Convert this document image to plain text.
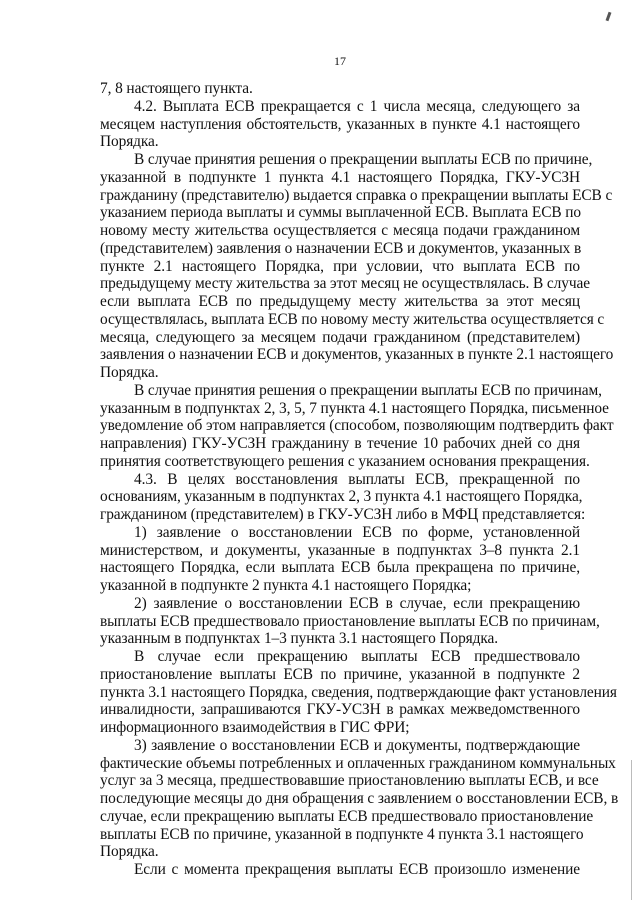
17
7, 8 настоящего пункта.
4.2. Выплата ЕСВ прекращается с 1 числа месяца, следующего за
месяцем наступления обстоятельств, указанных в пункте 4.1 настоящего
Порядка.
В случае принятия решения о прекращении выплаты ЕСВ по причине,
указанной в подпункте 1 пункта 4.1 настоящего Порядка, ГКУ-УСЗН
гражданину (представителю) выдается справка о прекращении выплаты ЕСВ с
указанием периода выплаты и суммы выплаченной ЕСВ. Выплата ЕСВ по
новому месту жительства осуществляется с месяца подачи гражданином
(представителем) заявления о назначении ЕСВ и документов, указанных в
пункте 2.1 настоящего Порядка, при условии, что выплата ЕСВ по
предыдущему месту жительства за этот месяц не осуществлялась. В случае
если выплата ЕСВ по предыдущему месту жительства за этот месяц
осуществлялась, выплата ЕСВ по новому месту жительства осуществляется с
месяца, следующего за месяцем подачи гражданином (представителем)
заявления о назначении ЕСВ и документов, указанных в пункте 2.1 настоящего
Порядка.
В случае принятия решения о прекращении выплаты ЕСВ по причинам,
указанным в подпунктах 2, 3, 5, 7 пункта 4.1 настоящего Порядка, письменное
уведомление об этом направляется (способом, позволяющим подтвердить факт
направления) ГКУ-УСЗН гражданину в течение 10 рабочих дней со дня
принятия соответствующего решения с указанием основания прекращения.
4.3. В целях восстановления выплаты ЕСВ, прекращенной по
основаниям, указанным в подпунктах 2, 3 пункта 4.1 настоящего Порядка,
гражданином (представителем) в ГКУ-УСЗН либо в МФЦ представляется:
1) заявление о восстановлении ЕСВ по форме, установленной
министерством, и документы, указанные в подпунктах 3–8 пункта 2.1
настоящего Порядка, если выплата ЕСВ была прекращена по причине,
указанной в подпункте 2 пункта 4.1 настоящего Порядка;
2) заявление о восстановлении ЕСВ в случае, если прекращению
выплаты ЕСВ предшествовало приостановление выплаты ЕСВ по причинам,
указанным в подпунктах 1–3 пункта 3.1 настоящего Порядка.
В случае если прекращению выплаты ЕСВ предшествовало
приостановление выплаты ЕСВ по причине, указанной в подпункте 2
пункта 3.1 настоящего Порядка, сведения, подтверждающие факт установления
инвалидности, запрашиваются ГКУ-УСЗН в рамках межведомственного
информационного взаимодействия в ГИС ФРИ;
3) заявление о восстановлении ЕСВ и документы, подтверждающие
фактические объемы потребленных и оплаченных гражданином коммунальных
услуг за 3 месяца, предшествовавшие приостановлению выплаты ЕСВ, и все
последующие месяцы до дня обращения с заявлением о восстановлении ЕСВ, в
случае, если прекращению выплаты ЕСВ предшествовало приостановление
выплаты ЕСВ по причине, указанной в подпункте 4 пункта 3.1 настоящего
Порядка.
Если с момента прекращения выплаты ЕСВ произошло изменение
